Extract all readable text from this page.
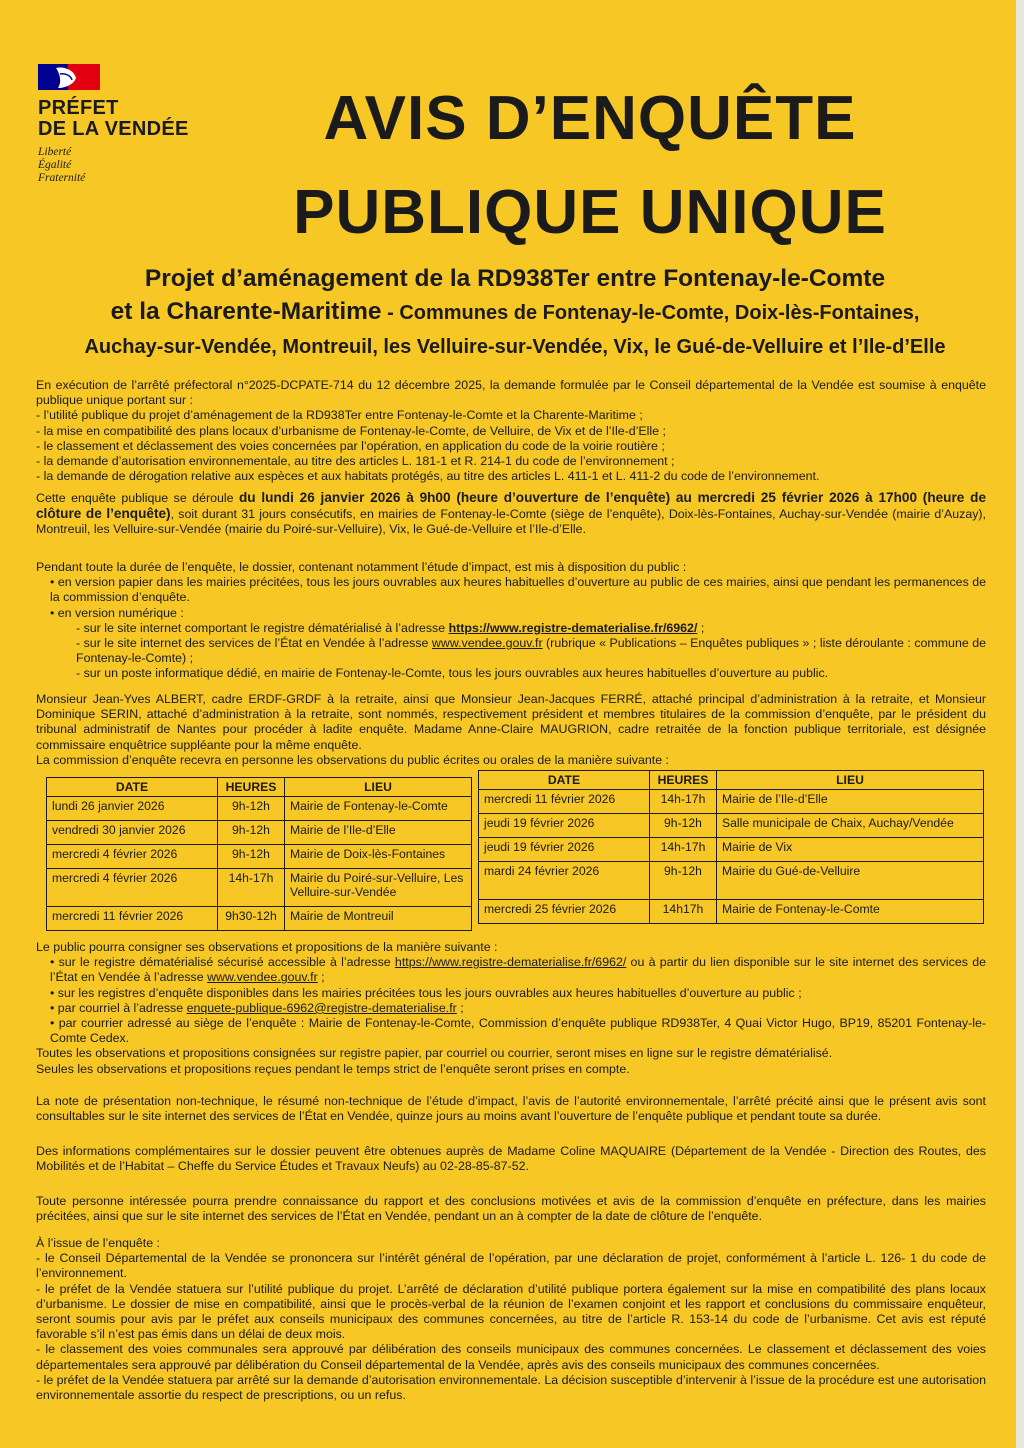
PRÉFET
DE LA VENDÉE
Liberté
Égalité
Fraternité
AVIS D’ENQUÊTE
PUBLIQUE UNIQUE
Projet d’aménagement de la RD938Ter entre Fontenay-le-Comte
et la Charente-Maritime - Communes de Fontenay-le-Comte, Doix-lès-Fontaines,
Auchay-sur-Vendée, Montreuil, les Velluire-sur-Vendée, Vix, le Gué-de-Velluire et l’Ile-d’Elle

En exécution de l’arrêté préfectoral n°2025-DCPATE-714 du 12 décembre 2025, la demande formulée par le Conseil départemental de la Vendée est soumise à enquête publique unique portant sur :

- l’utilité publique du projet d’aménagement de la RD938Ter entre Fontenay-le-Comte et la Charente-Maritime ;

- la mise en compatibilité des plans locaux d’urbanisme de Fontenay-le-Comte, de Velluire, de Vix et de l’Ile-d’Elle ;

- le classement et déclassement des voies concernées par l’opération, en application du code de la voirie routière ;

- la demande d’autorisation environnementale, au titre des articles L. 181-1 et R. 214-1 du code de l’environnement ;

- la demande de dérogation relative aux espèces et aux habitats protégés, au titre des articles L. 411-1 et L. 411-2 du code de l’environnement.

Cette enquête publique se déroule du lundi 26 janvier 2026 à 9h00 (heure d’ouverture de l’enquête) au mercredi 25 février 2026 à 17h00 (heure de clôture de l’enquête), soit durant 31 jours consécutifs, en mairies de Fontenay-le-Comte (siège de l’enquête), Doix-lès-Fontaines, Auchay-sur-Vendée (mairie d’Auzay), Montreuil, les Velluire-sur-Vendée (mairie du Poiré-sur-Velluire), Vix, le Gué-de-Velluire et l’Ile-d’Elle.

Pendant toute la durée de l’enquête, le dossier, contenant notamment l’étude d’impact, est mis à disposition du public :

• en version papier dans les mairies précitées, tous les jours ouvrables aux heures habituelles d’ouverture au public de ces mairies, ainsi que pendant les permanences de la commission d’enquête.

• en version numérique :

- sur le site internet comportant le registre dématérialisé à l’adresse https://www.registre-dematerialise.fr/6962/ ;

- sur le site internet des services de l’État en Vendée à l’adresse www.vendee.gouv.fr (rubrique « Publications – Enquêtes publiques » ; liste déroulante : commune de Fontenay-le-Comte) ;

- sur un poste informatique dédié, en mairie de Fontenay-le-Comte, tous les jours ouvrables aux heures habituelles d’ouverture au public.

Monsieur Jean-Yves ALBERT, cadre ERDF-GRDF à la retraite, ainsi que Monsieur Jean-Jacques FERRÉ, attaché principal d’administration à la retraite, et Monsieur Dominique SERIN, attaché d’administration à la retraite, sont nommés, respectivement président et membres titulaires de la commission d’enquête, par le président du tribunal administratif de Nantes pour procéder à ladite enquête. Madame Anne-Claire MAUGRION, cadre retraitée de la fonction publique territoriale, est désignée commissaire enquêtrice suppléante pour la même enquête.

La commission d’enquête recevra en personne les observations du public écrites ou orales de la manière suivante :

DATE	HEURES	LIEU
lundi 26 janvier 2026	9h-12h	Mairie de Fontenay-le-Comte
vendredi 30 janvier 2026	9h-12h	Mairie de l’Ile-d’Elle
mercredi 4 février 2026	9h-12h	Mairie de Doix-lès-Fontaines
mercredi 4 février 2026	14h-17h	Mairie du Poiré-sur-Velluire, Les Velluire-sur-Vendée
mercredi 11 février 2026	9h30-12h	Mairie de Montreuil
DATE	HEURES	LIEU
mercredi 11 février 2026	14h-17h	Mairie de l’Ile-d’Elle
jeudi 19 février 2026	9h-12h	Salle municipale de Chaix, Auchay/Vendée
jeudi 19 février 2026	14h-17h	Mairie de Vix
mardi 24 février 2026	9h-12h	Mairie du Gué-de-Velluire
mercredi 25 février 2026	14h17h	Mairie de Fontenay-le-Comte

Le public pourra consigner ses observations et propositions de la manière suivante :

• sur le registre dématérialisé sécurisé accessible à l’adresse https://www.registre-dematerialise.fr/6962/ ou à partir du lien disponible sur le site internet des services de l’État en Vendée à l’adresse www.vendee.gouv.fr ;

• sur les registres d’enquête disponibles dans les mairies précitées tous les jours ouvrables aux heures habituelles d’ouverture au public ;

• par courriel à l’adresse enquete-publique-6962@registre-dematerialise.fr ;

• par courrier adressé au siège de l’enquête : Mairie de Fontenay-le-Comte, Commission d’enquête publique RD938Ter, 4 Quai Victor Hugo, BP19, 85201 Fontenay-le-Comte Cedex.

Toutes les observations et propositions consignées sur registre papier, par courriel ou courrier, seront mises en ligne sur le registre dématérialisé.

Seules les observations et propositions reçues pendant le temps strict de l’enquête seront prises en compte.

La note de présentation non-technique, le résumé non-technique de l’étude d’impact, l’avis de l’autorité environnementale, l’arrêté précité ainsi que le présent avis sont consultables sur le site internet des services de l’État en Vendée, quinze jours au moins avant l’ouverture de l’enquête publique et pendant toute sa durée.

Des informations complémentaires sur le dossier peuvent être obtenues auprès de Madame Coline MAQUAIRE (Département de la Vendée - Direction des Routes, des Mobilités et de l’Habitat – Cheffe du Service Études et Travaux Neufs) au 02-28-85-87-52.

Toute personne intéressée pourra prendre connaissance du rapport et des conclusions motivées et avis de la commission d’enquête en préfecture, dans les mairies précitées, ainsi que sur le site internet des services de l’État en Vendée, pendant un an à compter de la date de clôture de l’enquête.

À l’issue de l’enquête :

- le Conseil Départemental de la Vendée se prononcera sur l’intérêt général de l’opération, par une déclaration de projet, conformément à l’article L. 126- 1 du code de l’environnement.

- le préfet de la Vendée statuera sur l’utilité publique du projet. L’arrêté de déclaration d’utilité publique portera également sur la mise en compatibilité des plans locaux d’urbanisme. Le dossier de mise en compatibilité, ainsi que le procès-verbal de la réunion de l’examen conjoint et les rapport et conclusions du commissaire enquêteur, seront soumis pour avis par le préfet aux conseils municipaux des communes concernées, au titre de l’article R. 153-14 du code de l’urbanisme. Cet avis est réputé favorable s’il n’est pas émis dans un délai de deux mois.

- le classement des voies communales sera approuvé par délibération des conseils municipaux des communes concernées. Le classement et déclassement des voies départementales sera approuvé par délibération du Conseil départemental de la Vendée, après avis des conseils municipaux des communes concernées.

- le préfet de la Vendée statuera par arrêté sur la demande d’autorisation environnementale. La décision susceptible d’intervenir à l’issue de la procédure est une autorisation environnementale assortie du respect de prescriptions, ou un refus.
